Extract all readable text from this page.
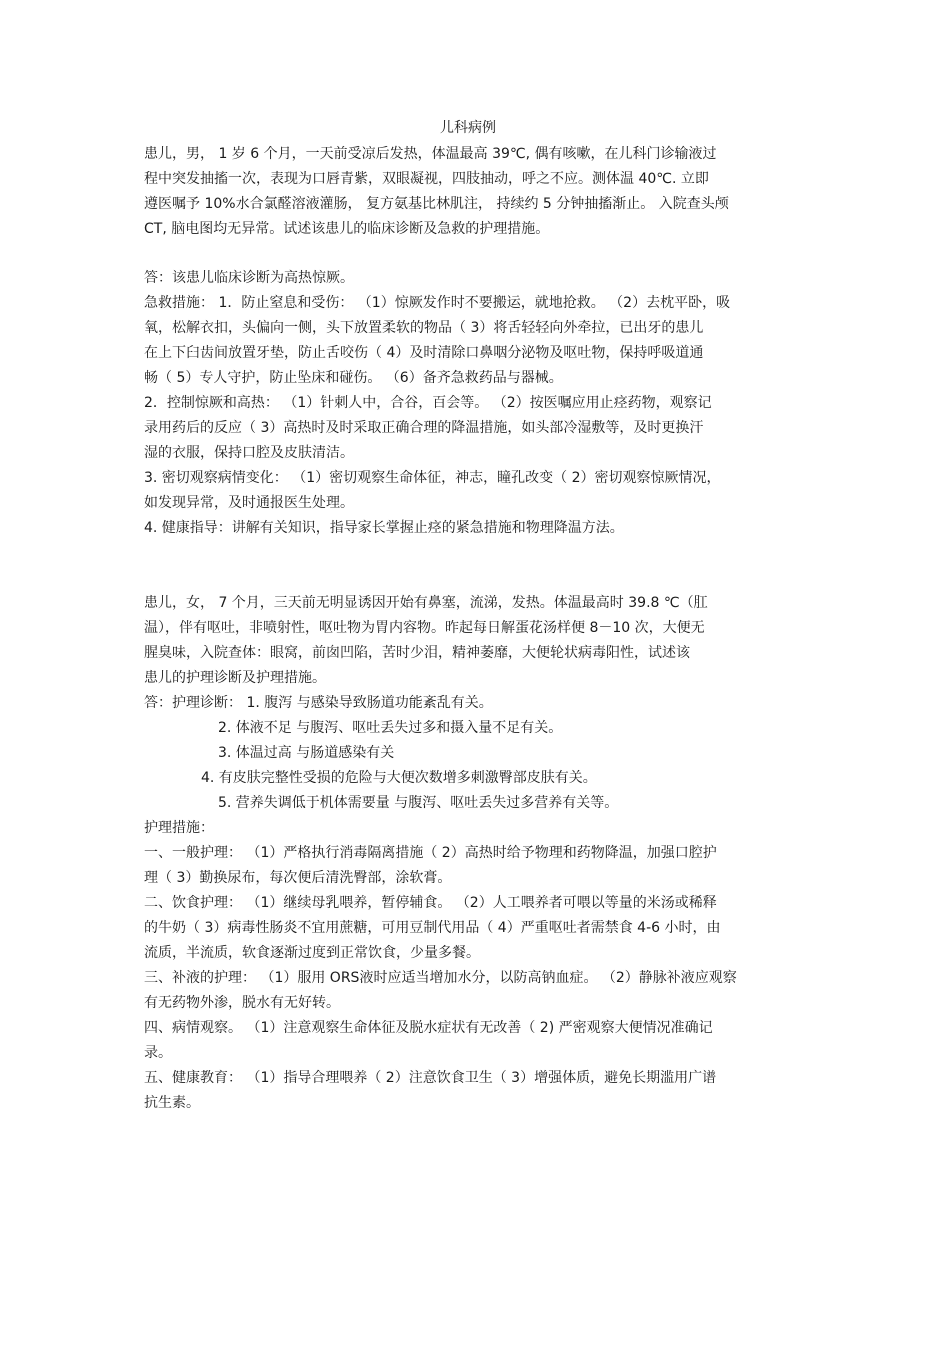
儿科病例
患儿，男， 1 岁 6 个月，一天前受凉后发热，体温最高 39℃, 偶有咳嗽，在儿科门诊输液过
程中突发抽搐一次，表现为口唇青紫，双眼凝视，四肢抽动，呼之不应。测体温 40℃. 立即
遵医嘱予 10%水合氯醛溶液灌肠， 复方氨基比林肌注， 持续约 5 分钟抽搐渐止。 入院查头颅
CT, 脑电图均无异常。试述该患儿的临床诊断及急救的护理措施。
答：该患儿临床诊断为高热惊厥。
急救措施： 1．防止窒息和受伤： （1）惊厥发作时不要搬运，就地抢救。 （2）去枕平卧，吸
氧，松解衣扣，头偏向一侧，头下放置柔软的物品（ 3）将舌轻轻向外牵拉，已出牙的患儿
在上下臼齿间放置牙垫，防止舌咬伤（ 4）及时清除口鼻咽分泌物及呕吐物，保持呼吸道通
畅（ 5）专人守护，防止坠床和碰伤。 （6）备齐急救药品与器械。
2．控制惊厥和高热： （1）针刺人中，合谷，百会等。 （2）按医嘱应用止痉药物，观察记
录用药后的反应（ 3）高热时及时采取正确合理的降温措施，如头部冷湿敷等，及时更换汗
湿的衣服，保持口腔及皮肤清洁。
3. 密切观察病情变化： （1）密切观察生命体征，神志，瞳孔改变（ 2）密切观察惊厥情况，
如发现异常，及时通报医生处理。
4. 健康指导：讲解有关知识，指导家长掌握止痉的紧急措施和物理降温方法。
患儿，女， 7 个月，三天前无明显诱因开始有鼻塞，流涕，发热。体温最高时 39.8 ℃（肛
温），伴有呕吐，非喷射性，呕吐物为胃内容物。昨起每日解蛋花汤样便 8－10 次，大便无
腥臭味，入院查体：眼窝，前囱凹陷，苦时少泪，精神萎靡，大便轮状病毒阳性，试述该
患儿的护理诊断及护理措施。
答：护理诊断： 1. 腹泻 与感染导致肠道功能紊乱有关。
2. 体液不足 与腹泻、呕吐丢失过多和摄入量不足有关。
3. 体温过高 与肠道感染有关
4. 有皮肤完整性受损的危险与大便次数增多刺激臀部皮肤有关。
5. 营养失调低于机体需要量 与腹泻、呕吐丢失过多营养有关等。
护理措施：
一、一般护理： （1）严格执行消毒隔离措施（ 2）高热时给予物理和药物降温，加强口腔护
理（ 3）勤换尿布，每次便后清洗臀部，涂软膏。
二、饮食护理： （1）继续母乳喂养，暂停辅食。 （2）人工喂养者可喂以等量的米汤或稀释
的牛奶（ 3）病毒性肠炎不宜用蔗糖，可用豆制代用品（ 4）严重呕吐者需禁食 4-6 小时，由
流质，半流质，软食逐渐过度到正常饮食，少量多餐。
三、补液的护理： （1）服用 ORS液时应适当增加水分，以防高钠血症。 （2）静脉补液应观察
有无药物外渗，脱水有无好转。
四、病情观察。 （1）注意观察生命体征及脱水症状有无改善（ 2) 严密观察大便情况准确记
录。
五、健康教育： （1）指导合理喂养（ 2）注意饮食卫生（ 3）增强体质，避免长期滥用广谱
抗生素。
